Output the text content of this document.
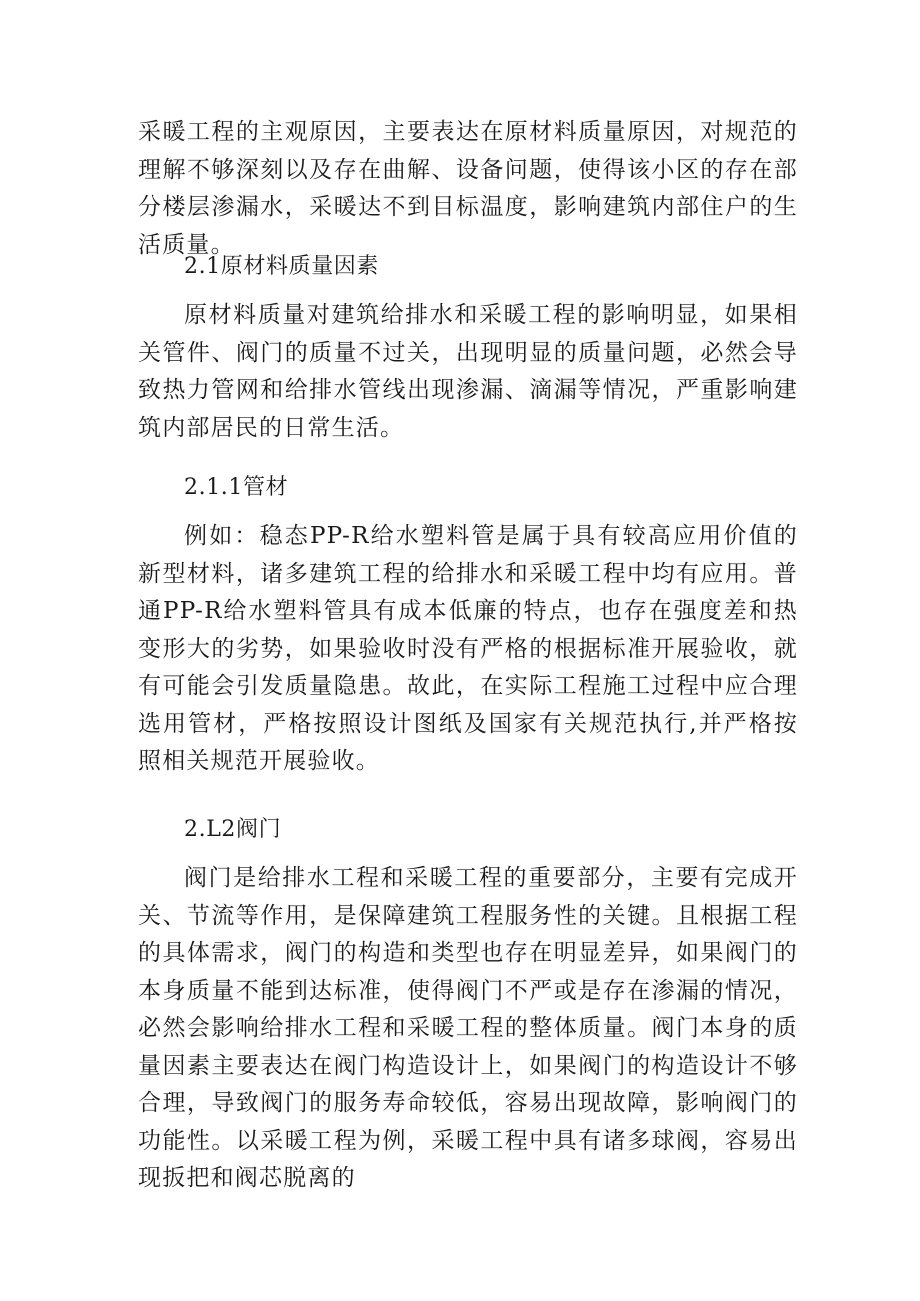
采暖工程的主观原因，主要表达在原材料质量原因，对规范的理解不够深刻以及存在曲解、设备问题，使得该小区的存在部分楼层渗漏水，采暖达不到目标温度，影响建筑内部住户的生活质量。

2.1原材料质量因素

原材料质量对建筑给排水和采暖工程的影响明显，如果相关管件、阀门的质量不过关，出现明显的质量问题，必然会导致热力管网和给排水管线出现渗漏、滴漏等情况，严重影响建筑内部居民的日常生活。

2.1.1管材

例如：稳态PP-R给水塑料管是属于具有较高应用价值的新型材料，诸多建筑工程的给排水和采暖工程中均有应用。普通PP-R给水塑料管具有成本低廉的特点，也存在强度差和热变形大的劣势，如果验收时没有严格的根据标准开展验收，就有可能会引发质量隐患。故此，在实际工程施工过程中应合理选用管材，严格按照设计图纸及国家有关规范执行,并严格按照相关规范开展验收。

2.L2阀门

阀门是给排水工程和采暖工程的重要部分，主要有完成开关、节流等作用，是保障建筑工程服务性的关键。且根据工程的具体需求，阀门的构造和类型也存在明显差异，如果阀门的本身质量不能到达标准，使得阀门不严或是存在渗漏的情况，必然会影响给排水工程和采暖工程的整体质量。阀门本身的质量因素主要表达在阀门构造设计上，如果阀门的构造设计不够合理，导致阀门的服务寿命较低，容易出现故障，影响阀门的功能性。以采暖工程为例，采暖工程中具有诸多球阀，容易出现扳把和阀芯脱离的
